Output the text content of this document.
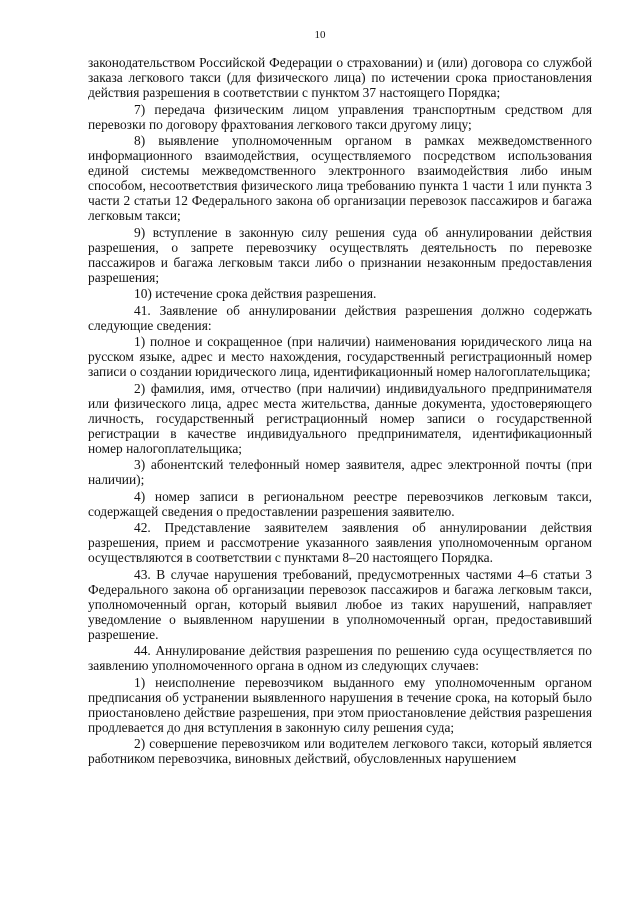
10

законодательством Российской Федерации о страховании) и (или) договора со службой заказа легкового такси (для физического лица) по истечении срока приостановления действия разрешения в соответствии с пунктом 37 настоящего Порядка;

7) передача физическим лицом управления транспортным средством для перевозки по договору фрахтования легкового такси другому лицу;

8) выявление уполномоченным органом в рамках межведомственного информационного взаимодействия, осуществляемого посредством использования единой системы межведомственного электронного взаимодействия либо иным способом, несоответствия физического лица требованию пункта 1 части 1 или пункта 3 части 2 статьи 12 Федерального закона об организации перевозок пассажиров и багажа легковым такси;

9) вступление в законную силу решения суда об аннулировании действия разрешения, о запрете перевозчику осуществлять деятельность по перевозке пассажиров и багажа легковым такси либо о признании незаконным предоставления разрешения;

10) истечение срока действия разрешения.

41. Заявление об аннулировании действия разрешения должно содержать следующие сведения:

1) полное и сокращенное (при наличии) наименования юридического лица на русском языке, адрес и место нахождения, государственный регистрационный номер записи о создании юридического лица, идентификационный номер налогоплательщика;

2) фамилия, имя, отчество (при наличии) индивидуального предпринимателя или физического лица, адрес места жительства, данные документа, удостоверяющего личность, государственный регистрационный номер записи о государственной регистрации в качестве индивидуального предпринимателя, идентификационный номер налогоплательщика;

3) абонентский телефонный номер заявителя, адрес электронной почты (при наличии);

4) номер записи в региональном реестре перевозчиков легковым такси, содержащей сведения о предоставлении разрешения заявителю.

42. Представление заявителем заявления об аннулировании действия разрешения, прием и рассмотрение указанного заявления уполномоченным органом осуществляются в соответствии с пунктами 8–20 настоящего Порядка.

43. В случае нарушения требований, предусмотренных частями 4–6 статьи 3 Федерального закона об организации перевозок пассажиров и багажа легковым такси, уполномоченный орган, который выявил любое из таких нарушений, направляет уведомление о выявленном нарушении в уполномоченный орган, предоставивший разрешение.

44. Аннулирование действия разрешения по решению суда осуществляется по заявлению уполномоченного органа в одном из следующих случаев:

1) неисполнение перевозчиком выданного ему уполномоченным органом предписания об устранении выявленного нарушения в течение срока, на который было приостановлено действие разрешения, при этом приостановление действия разрешения продлевается до дня вступления в законную силу решения суда;

2) совершение перевозчиком или водителем легкового такси, который является работником перевозчика, виновных действий, обусловленных нарушением
